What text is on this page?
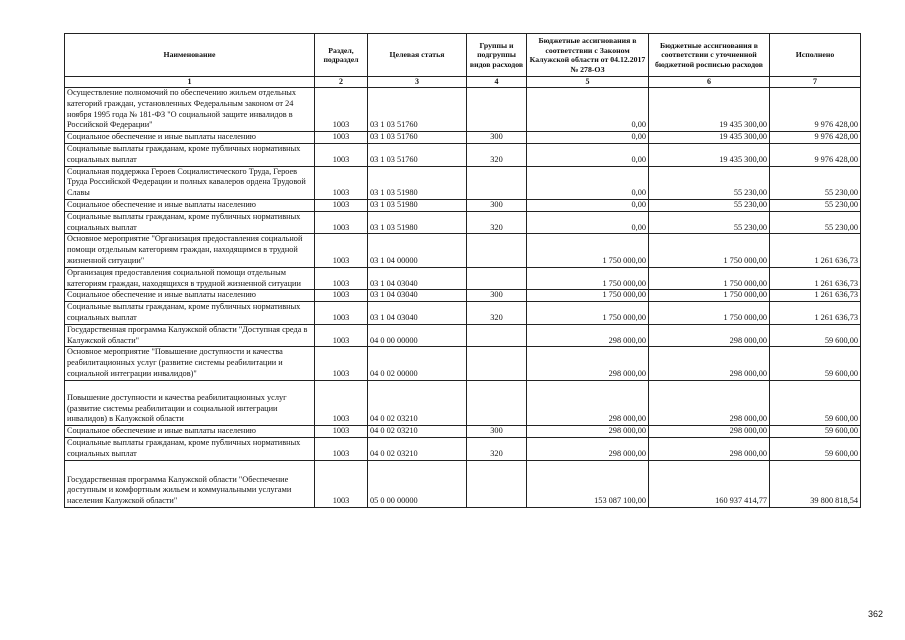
Наименование	Раздел, подраздел	Целевая статья	Группы и подгруппы видов расходов	Бюджетные ассигнования в соответствии с Законом Калужской области от 04.12.2017 № 278-ОЗ	Бюджетные ассигнования в соответствии с уточненной бюджетной росписью расходов	Исполнено
1	2	3	4	5	6	7
Осуществление полномочий по обеспечению жильем отдельных категорий граждан, установленных Федеральным законом от 24 ноября 1995 года № 181-ФЗ "О социальной защите инвалидов в Российской Федерации"	1003	03 1 03 51760		0,00	19 435 300,00	9 976 428,00
Социальное обеспечение и иные выплаты населению	1003	03 1 03 51760	300	0,00	19 435 300,00	9 976 428,00
Социальные выплаты гражданам, кроме публичных нормативных социальных выплат	1003	03 1 03 51760	320	0,00	19 435 300,00	9 976 428,00
Социальная поддержка Героев Социалистического Труда, Героев Труда Российской Федерации и полных кавалеров ордена Трудовой Славы	1003	03 1 03 51980		0,00	55 230,00	55 230,00
Социальное обеспечение и иные выплаты населению	1003	03 1 03 51980	300	0,00	55 230,00	55 230,00
Социальные выплаты гражданам, кроме публичных нормативных социальных выплат	1003	03 1 03 51980	320	0,00	55 230,00	55 230,00
Основное мероприятие "Организация предоставления социальной помощи отдельным категориям граждан, находящимся в трудной жизненной ситуации"	1003	03 1 04 00000		1 750 000,00	1 750 000,00	1 261 636,73
Организация предоставления социальной помощи отдельным категориям граждан, находящихся в трудной жизненной ситуации	1003	03 1 04 03040		1 750 000,00	1 750 000,00	1 261 636,73
Социальное обеспечение и иные выплаты населению	1003	03 1 04 03040	300	1 750 000,00	1 750 000,00	1 261 636,73
Социальные выплаты гражданам, кроме публичных нормативных социальных выплат	1003	03 1 04 03040	320	1 750 000,00	1 750 000,00	1 261 636,73
Государственная программа Калужской области "Доступная среда в Калужской области"	1003	04 0 00 00000		298 000,00	298 000,00	59 600,00
Основное мероприятие "Повышение доступности и качества реабилитационных услуг (развитие системы реабилитации и социальной интеграции инвалидов)"	1003	04 0 02 00000		298 000,00	298 000,00	59 600,00
Повышение доступности и качества реабилитационных услуг (развитие системы реабилитации и социальной интеграции инвалидов) в Калужской области	1003	04 0 02 03210		298 000,00	298 000,00	59 600,00
Социальное обеспечение и иные выплаты населению	1003	04 0 02 03210	300	298 000,00	298 000,00	59 600,00
Социальные выплаты гражданам, кроме публичных нормативных социальных выплат	1003	04 0 02 03210	320	298 000,00	298 000,00	59 600,00
Государственная программа Калужской области "Обеспечение доступным и комфортным жильем и коммунальными услугами населения Калужской области"	1003	05 0 00 00000		153 087 100,00	160 937 414,77	39 800 818,54
362
